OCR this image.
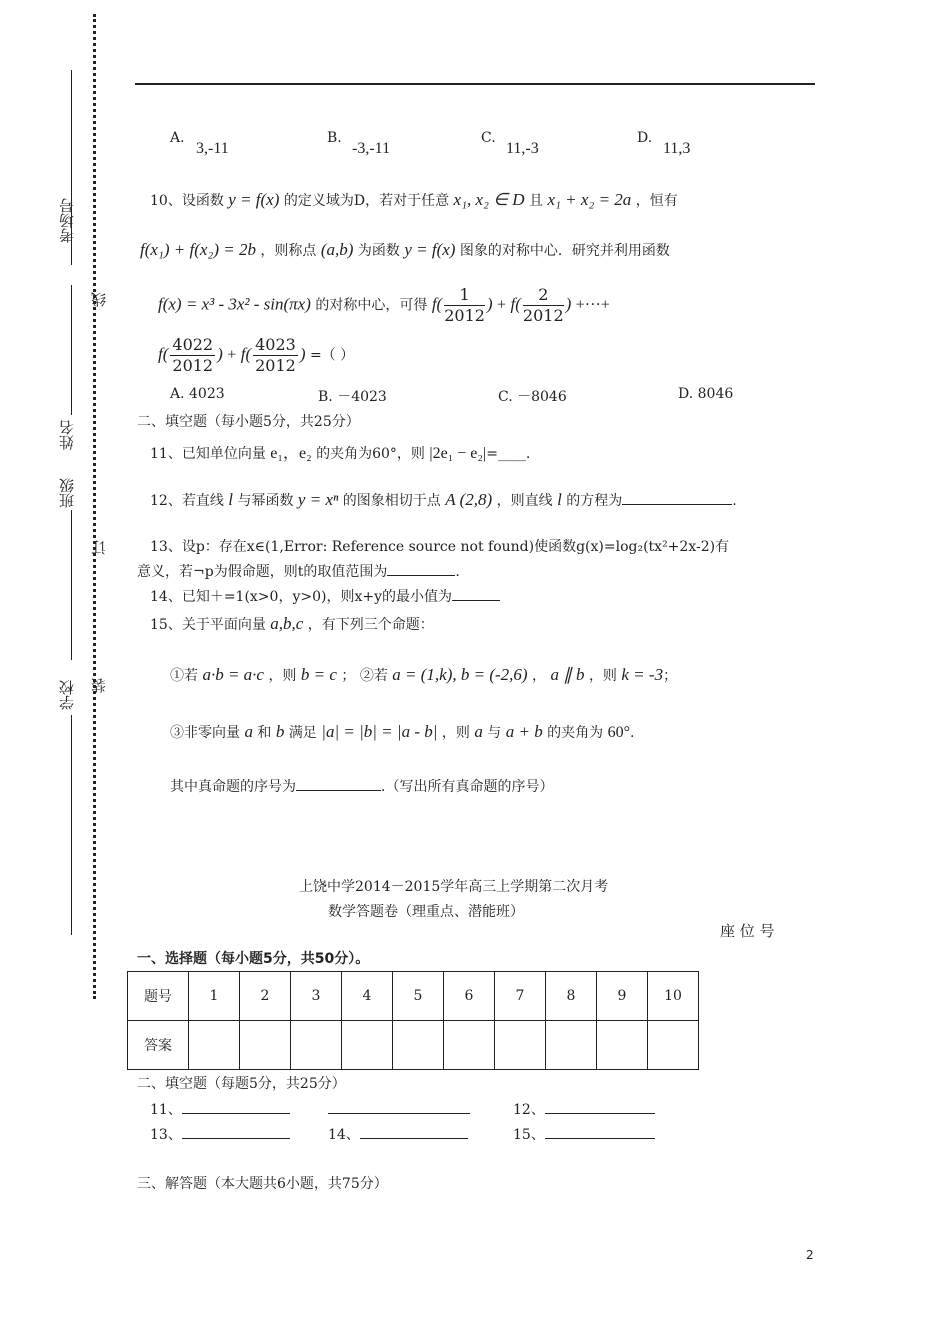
考场号
姓名
班级
学校
线
订
装
A.
3,-11
B.
-3,-11
C.
11,-3
D.
11,3
10、设函数 y = f(x) 的定义域为D，若对于任意 x₁, x₂ ∈ D 且 x₁ + x₂ = 2a ，恒有
f(x₁) + f(x₂) = 2b ，则称点 (a,b) 为函数 y = f(x) 图象的对称中心．研究并利用函数
f(x) = x³ - 3x² - sin(πx) 的对称中心，可得 $f( \frac{1}{2012}$ ) + $f( \frac{2}{2012}$ ) +···+
$f( \frac{4022}{2012}$ ) + $f( \frac{4023}{2012}$ ) =（ ）
A. 4023	B. －4023	C. －8046	D. 8046
二、填空题（每小题5分，共25分）
11、已知单位向量 e₁，e₂ 的夹角为60°，则 |2e₁ − e₂|=____.
12、若直线 l 与幂函数 y = xⁿ 的图象相切于点 A (2,8) ，则直线 l 的方程为	.
13、设p：存在x∈(1,Error: Reference source not found)使函数g(x)=log₂(tx²+2x-2)有
意义，若¬p为假命题，则t的取值范围为	.
14、已知＋=1(x>0，y>0)，则x+y的最小值为
15、关于平面向量 a,b,c ，有下列三个命题：
①若 a·b = a·c ，则 b = c ； ②若 a = (1,k), b = (-2,6) ， a ∥ b ，则 k = -3；
③非零向量 a 和 b 满足 |a| = |b| = |a - b| ，则 a 与 a + b 的夹角为 60°.
其中真命题的序号为	.（写出所有真命题的序号）
上饶中学2014－2015学年高三上学期第二次月考
数学答题卷（理重点、潜能班）
座 位 号
一、选择题（每小题5分，共50分）。
题号	1	2	3	4	5	6	7	8	9	10
答案										
二、填空题（每题5分，共25分）
11、	12、
13、	14、	15、
三、解答题（本大题共6小题，共75分）
2
